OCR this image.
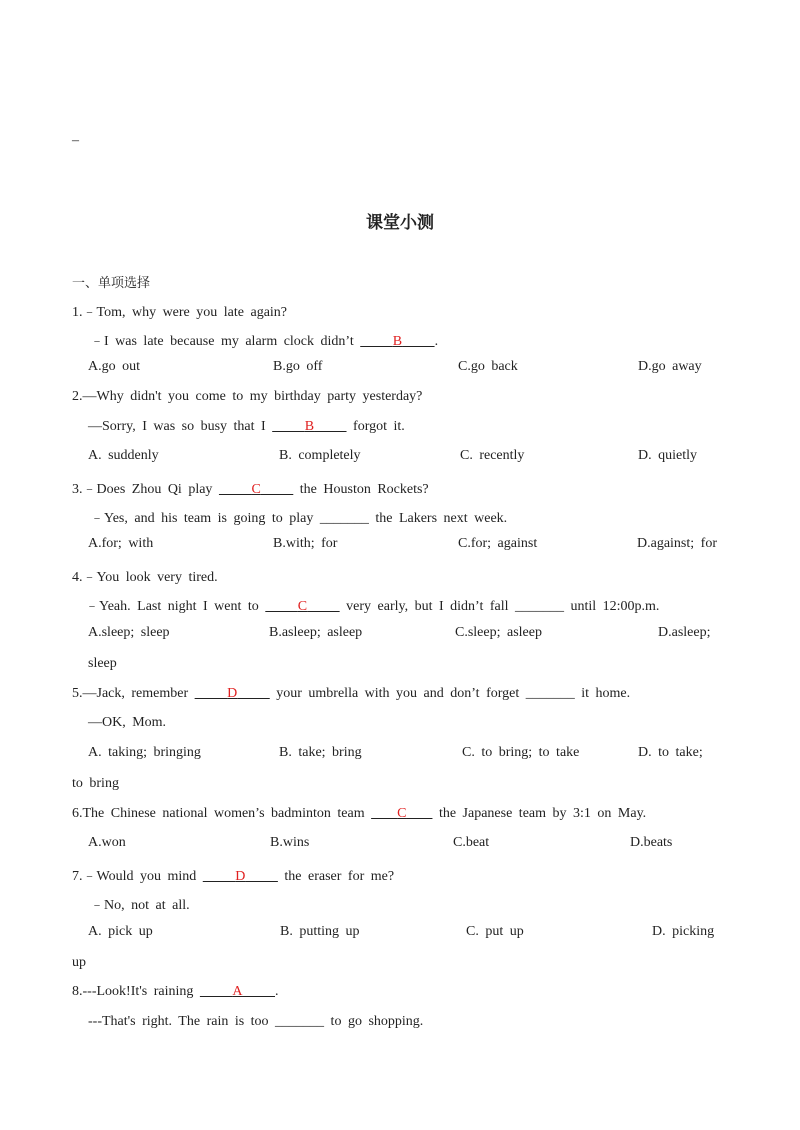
–
课堂小测
一、单项选择
1.﹣Tom, why were you late again?
﹣I was late because my alarm clock didn’t      B .
A.go out	B.go off	C.go back	D.go away
2.—Why didn't you come to my birthday party yesterday?
—Sorry, I was so busy that I      B      forgot it.
A. suddenly	B. completely	C. recently	D. quietly
3.﹣Does Zhou Qi play      C      the Houston Rockets?
﹣Yes, and his team is going to play _______ the Lakers next week.
A.for; with	B.with; for	C.for; against	D.against; for
4.﹣You look very tired.
﹣Yeah. Last night I went to      C      very early, but I didn’t fall _______ until 12:00p.m.
A.sleep; sleep	B.asleep; asleep	C.sleep; asleep	D.asleep;
sleep
5.—Jack, remember      D      your umbrella with you and don’t forget _______ it home.
—OK, Mom.
A. taking; bringing	B. take; bring	C. to bring; to take	D. to take;
to bring
6.The Chinese national women’s badminton team     C     the Japanese team by 3:1 on May.
A.won	B.wins	C.beat	D.beats
7.﹣Would you mind      D      the eraser for me?
﹣No, not at all.
A. pick up	B. putting up	C. put up	D. picking
up
8.---Look!It's raining      A .
---That's right. The rain is too _______ to go shopping.
